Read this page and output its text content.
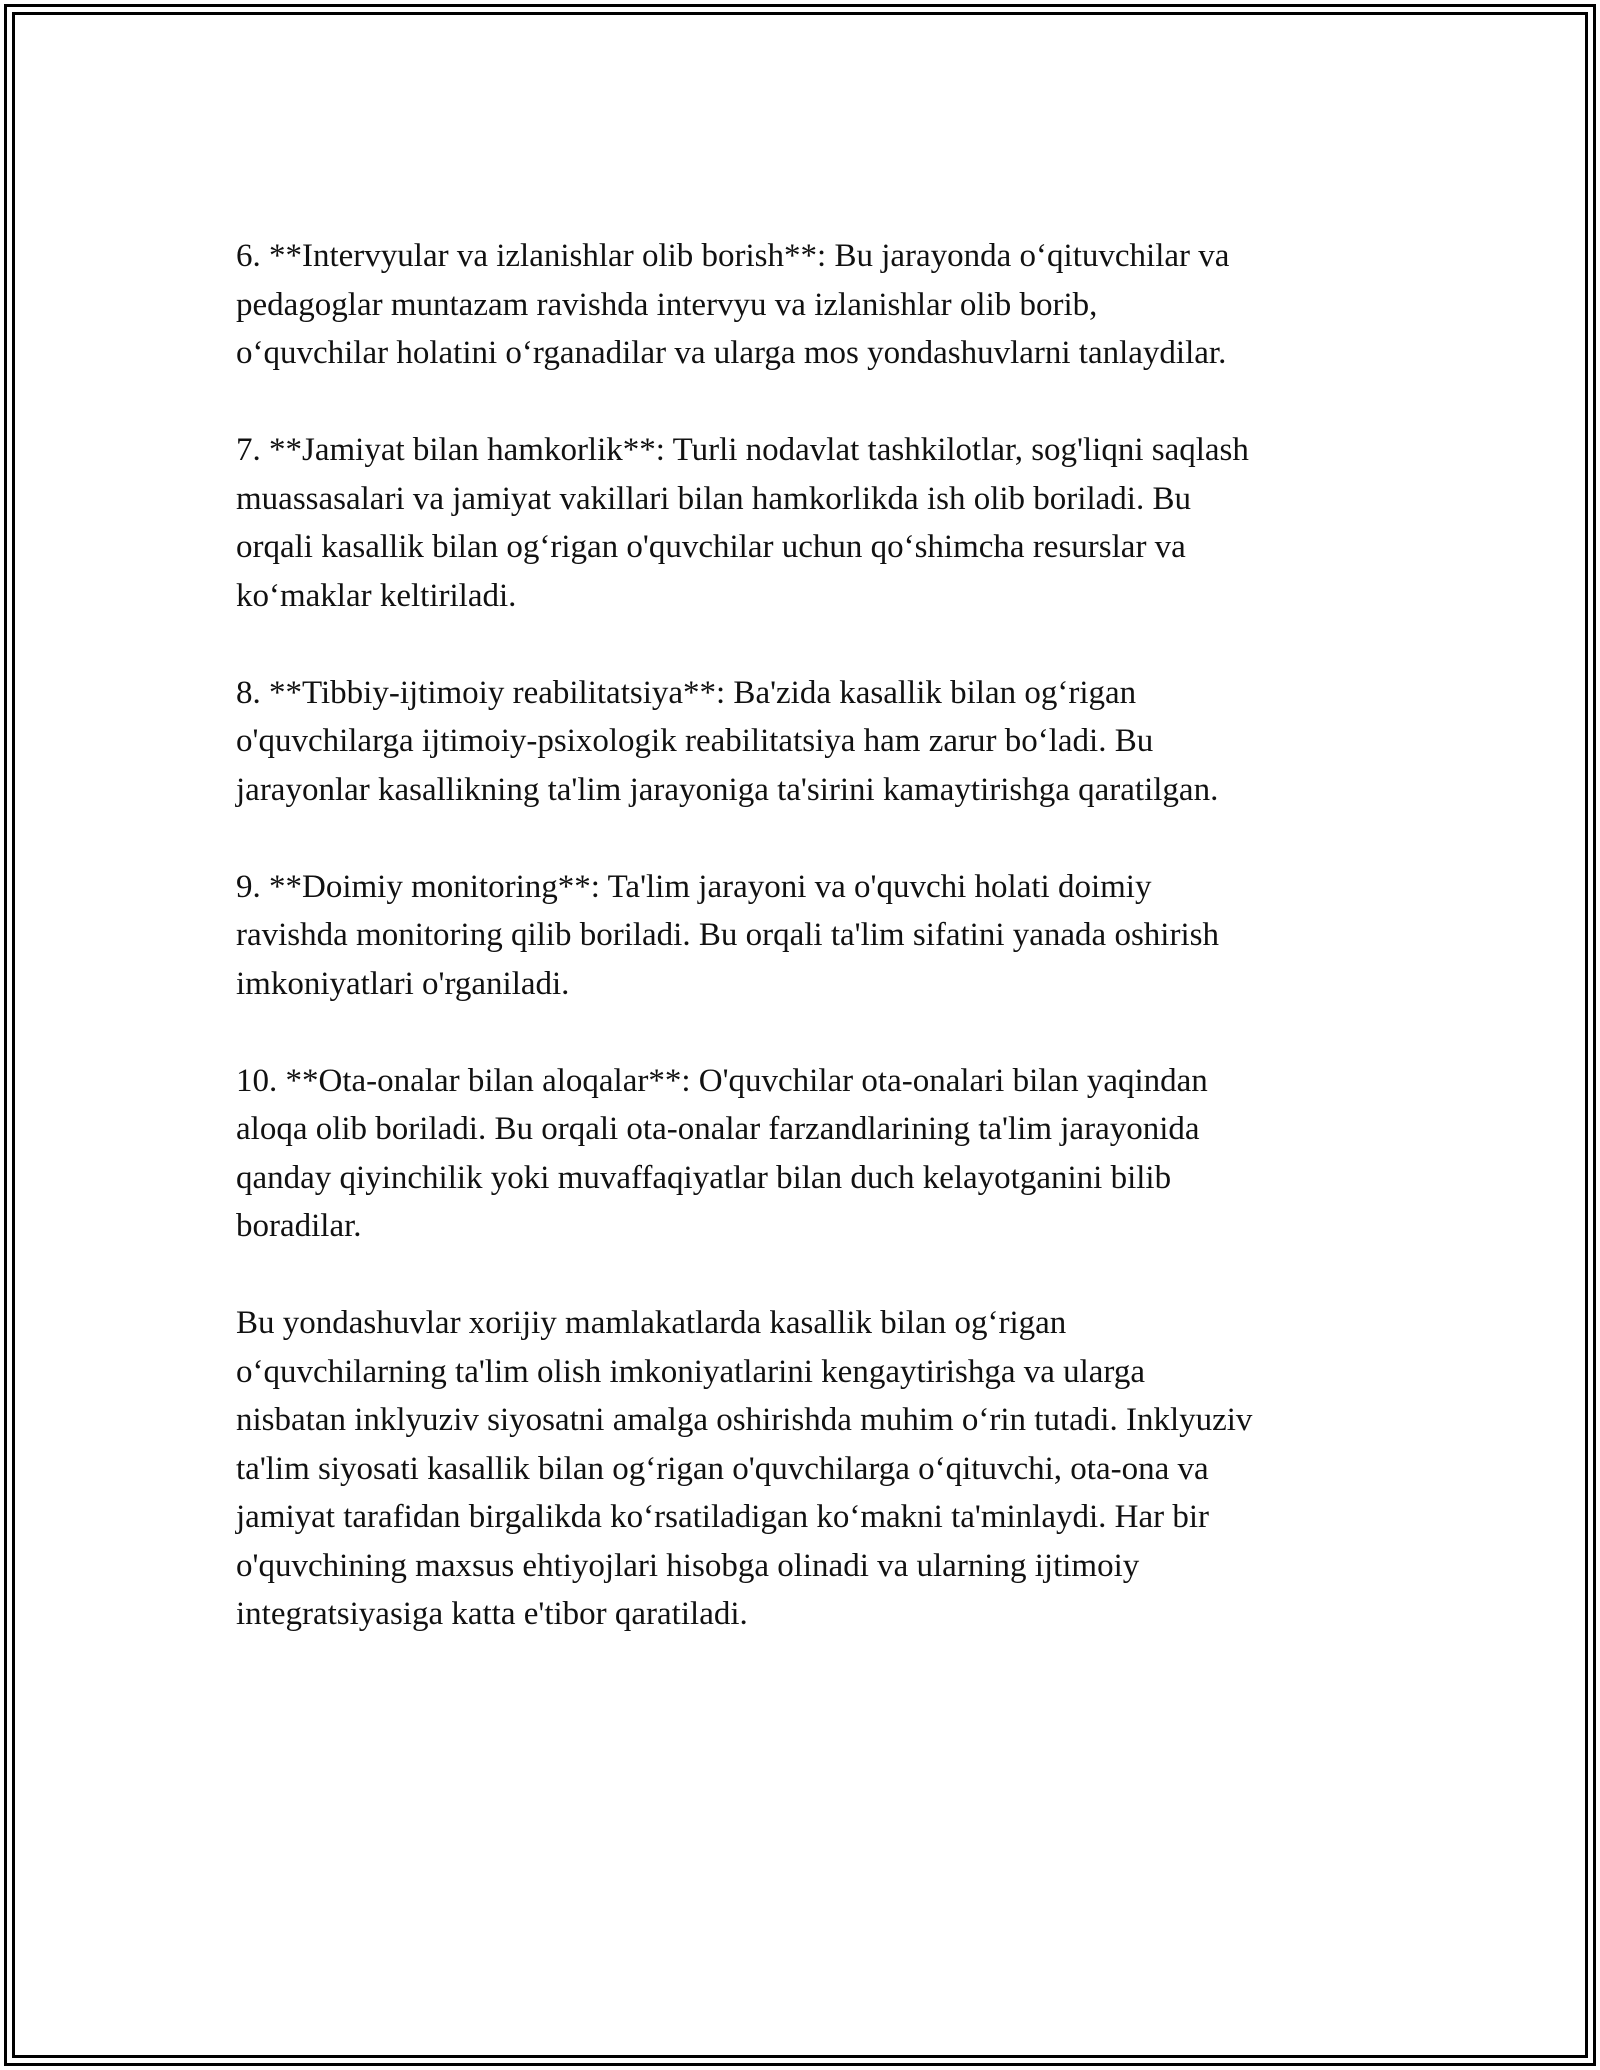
6. **Intervyular va izlanishlar olib borish**: Bu jarayonda o‘qituvchilar va
pedagoglar muntazam ravishda intervyu va izlanishlar olib borib,
o‘quvchilar holatini o‘rganadilar va ularga mos yondashuvlarni tanlaydilar.

7. **Jamiyat bilan hamkorlik**: Turli nodavlat tashkilotlar, sog'liqni saqlash
muassasalari va jamiyat vakillari bilan hamkorlikda ish olib boriladi. Bu
orqali kasallik bilan og‘rigan o'quvchilar uchun qo‘shimcha resurslar va
ko‘maklar keltiriladi.

8. **Tibbiy-ijtimoiy reabilitatsiya**: Ba'zida kasallik bilan og‘rigan
o'quvchilarga ijtimoiy-psixologik reabilitatsiya ham zarur bo‘ladi. Bu
jarayonlar kasallikning ta'lim jarayoniga ta'sirini kamaytirishga qaratilgan.

9. **Doimiy monitoring**: Ta'lim jarayoni va o'quvchi holati doimiy
ravishda monitoring qilib boriladi. Bu orqali ta'lim sifatini yanada oshirish
imkoniyatlari o'rganiladi.

10. **Ota-onalar bilan aloqalar**: O'quvchilar ota-onalari bilan yaqindan
aloqa olib boriladi. Bu orqali ota-onalar farzandlarining ta'lim jarayonida
qanday qiyinchilik yoki muvaffaqiyatlar bilan duch kelayotganini bilib
boradilar.

Bu yondashuvlar xorijiy mamlakatlarda kasallik bilan og‘rigan
o‘quvchilarning ta'lim olish imkoniyatlarini kengaytirishga va ularga
nisbatan inklyuziv siyosatni amalga oshirishda muhim o‘rin tutadi. Inklyuziv
ta'lim siyosati kasallik bilan og‘rigan o'quvchilarga o‘qituvchi, ota-ona va
jamiyat tarafidan birgalikda ko‘rsatiladigan ko‘makni ta'minlaydi. Har bir
o'quvchining maxsus ehtiyojlari hisobga olinadi va ularning ijtimoiy
integratsiyasiga katta e'tibor qaratiladi.
